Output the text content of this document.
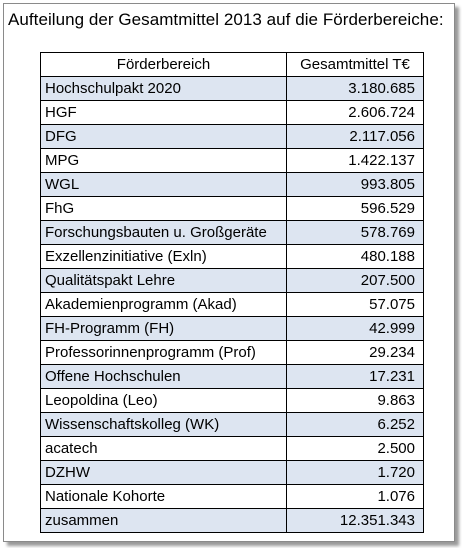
Aufteilung der Gesamtmittel 2013 auf die Förderbereiche:
Förderbereich	Gesamtmittel T€
Hochschulpakt 2020	3.180.685
HGF	2.606.724
DFG	2.117.056
MPG	1.422.137
WGL	993.805
FhG	596.529
Forschungsbauten u. Großgeräte	578.769
Exzellenzinitiative (Exln)	480.188
Qualitätspakt Lehre	207.500
Akademienprogramm (Akad)	57.075
FH-Programm (FH)	42.999
Professorinnenprogramm (Prof)	29.234
Offene Hochschulen	17.231
Leopoldina (Leo)	9.863
Wissenschaftskolleg (WK)	6.252
acatech	2.500
DZHW	1.720
Nationale Kohorte	1.076
zusammen	12.351.343
